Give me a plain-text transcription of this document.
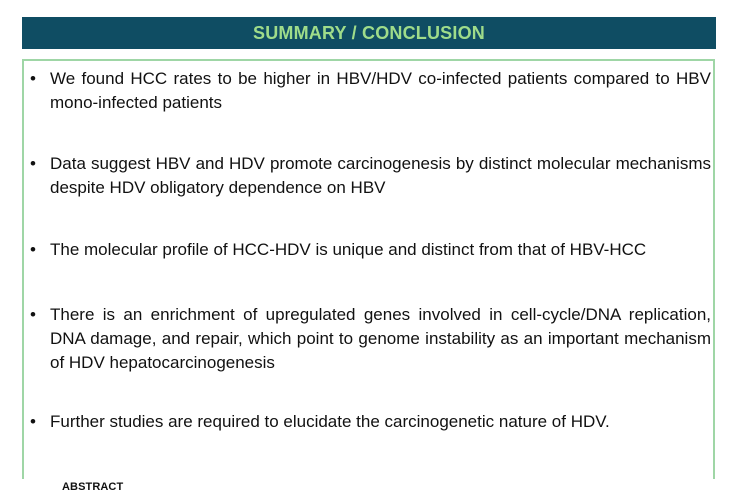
SUMMARY / CONCLUSION
• We found HCC rates to be higher in HBV/HDV co-infected patients compared to HBV mono-infected patients
• Data suggest HBV and HDV promote carcinogenesis by distinct molecular mechanisms despite HDV obligatory dependence on HBV
• The molecular profile of HCC-HDV is unique and distinct from that of HBV-HCC
• There is an enrichment of upregulated genes involved in cell-cycle/DNA replication, DNA damage, and repair, which point to genome instability as an important mechanism of HDV hepatocarcinogenesis
• Further studies are required to elucidate the carcinogenetic nature of HDV.
ABSTRACT
